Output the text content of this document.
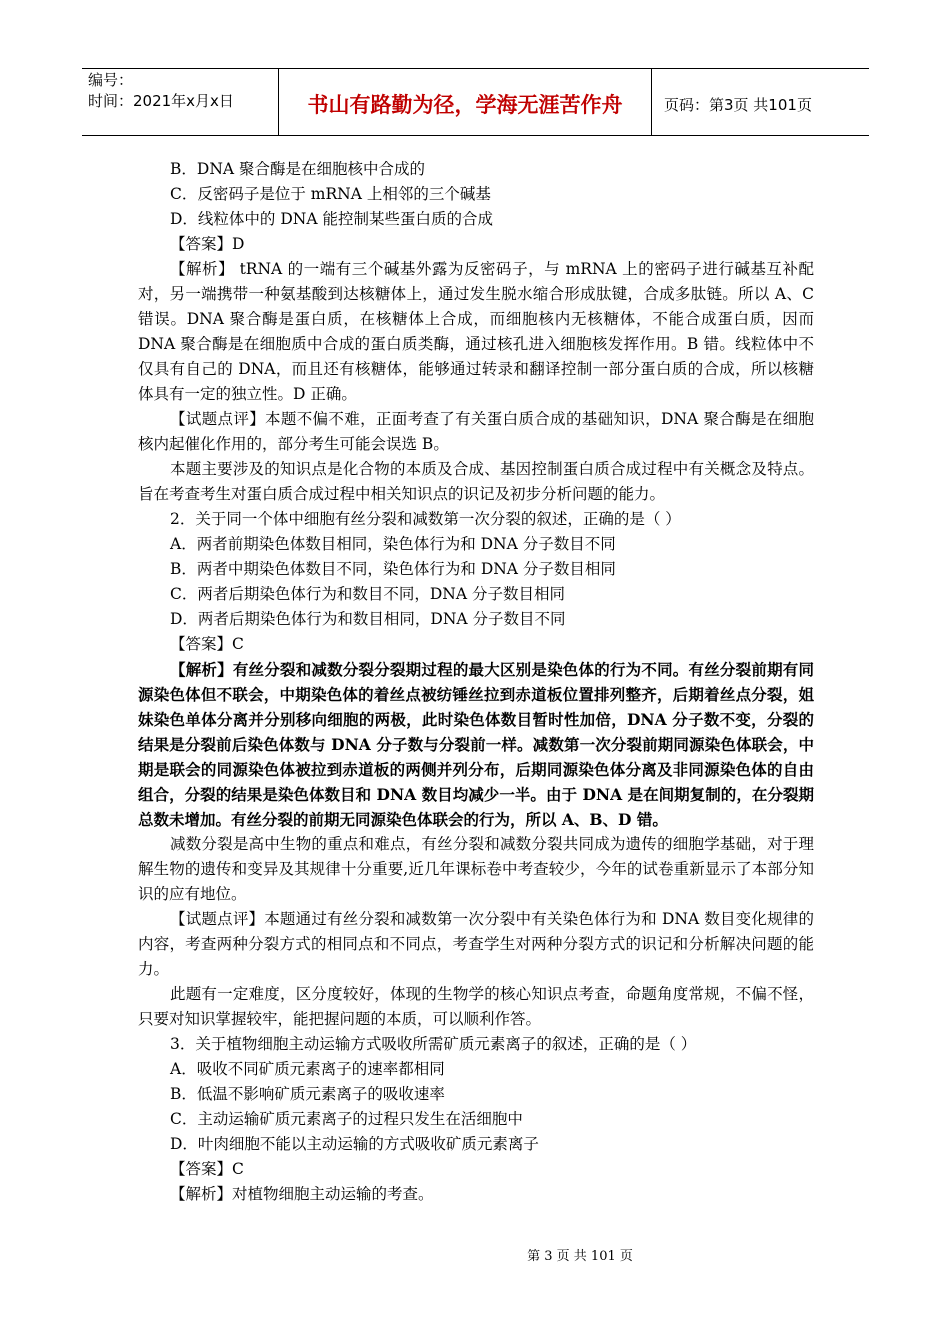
编号：
时间：2021年x月x日	书山有路勤为径，学海无涯苦作舟	页码：第3页 共101页
B．DNA 聚合酶是在细胞核中合成的
C．反密码子是位于 mRNA 上相邻的三个碱基
D．线粒体中的 DNA 能控制某些蛋白质的合成
【答案】D
【解析】 tRNA 的一端有三个碱基外露为反密码子，与 mRNA 上的密码子进行碱基互补配对，另一端携带一种氨基酸到达核糖体上，通过发生脱水缩合形成肽键，合成多肽链。所以 A、C 错误。DNA 聚合酶是蛋白质，在核糖体上合成，而细胞核内无核糖体，不能合成蛋白质，因而 DNA 聚合酶是在细胞质中合成的蛋白质类酶，通过核孔进入细胞核发挥作用。B 错。线粒体中不仅具有自己的 DNA，而且还有核糖体，能够通过转录和翻译控制一部分蛋白质的合成，所以核糖体具有一定的独立性。D 正确。
【试题点评】本题不偏不难，正面考查了有关蛋白质合成的基础知识，DNA 聚合酶是在细胞核内起催化作用的，部分考生可能会误选 B。
本题主要涉及的知识点是化合物的本质及合成、基因控制蛋白质合成过程中有关概念及特点。旨在考查考生对蛋白质合成过程中相关知识点的识记及初步分析问题的能力。
2．关于同一个体中细胞有丝分裂和减数第一次分裂的叙述，正确的是（ ）
A．两者前期染色体数目相同，染色体行为和 DNA 分子数目不同
B．两者中期染色体数目不同，染色体行为和 DNA 分子数目相同
C．两者后期染色体行为和数目不同，DNA 分子数目相同
D．两者后期染色体行为和数目相同，DNA 分子数目不同
【答案】C
【解析】有丝分裂和减数分裂分裂期过程的最大区别是染色体的行为不同。有丝分裂前期有同源染色体但不联会，中期染色体的着丝点被纺锤丝拉到赤道板位置排列整齐，后期着丝点分裂，姐妹染色单体分离并分别移向细胞的两极，此时染色体数目暂时性加倍，DNA 分子数不变，分裂的结果是分裂前后染色体数与 DNA 分子数与分裂前一样。减数第一次分裂前期同源染色体联会，中期是联会的同源染色体被拉到赤道板的两侧并列分布，后期同源染色体分离及非同源染色体的自由组合，分裂的结果是染色体数目和 DNA 数目均减少一半。由于 DNA 是在间期复制的，在分裂期总数未增加。有丝分裂的前期无同源染色体联会的行为，所以 A、B、D 错。
减数分裂是高中生物的重点和难点，有丝分裂和减数分裂共同成为遗传的细胞学基础，对于理解生物的遗传和变异及其规律十分重要,近几年课标卷中考查较少，今年的试卷重新显示了本部分知识的应有地位。
【试题点评】本题通过有丝分裂和减数第一次分裂中有关染色体行为和 DNA 数目变化规律的内容，考查两种分裂方式的相同点和不同点，考查学生对两种分裂方式的识记和分析解决问题的能力。
此题有一定难度，区分度较好，体现的生物学的核心知识点考查，命题角度常规，不偏不怪，只要对知识掌握较牢，能把握问题的本质，可以顺利作答。
3．关于植物细胞主动运输方式吸收所需矿质元素离子的叙述，正确的是（ ）
A．吸收不同矿质元素离子的速率都相同
B．低温不影响矿质元素离子的吸收速率
C．主动运输矿质元素离子的过程只发生在活细胞中
D．叶肉细胞不能以主动运输的方式吸收矿质元素离子
【答案】C
【解析】对植物细胞主动运输的考查。
第 3 页 共 101 页
